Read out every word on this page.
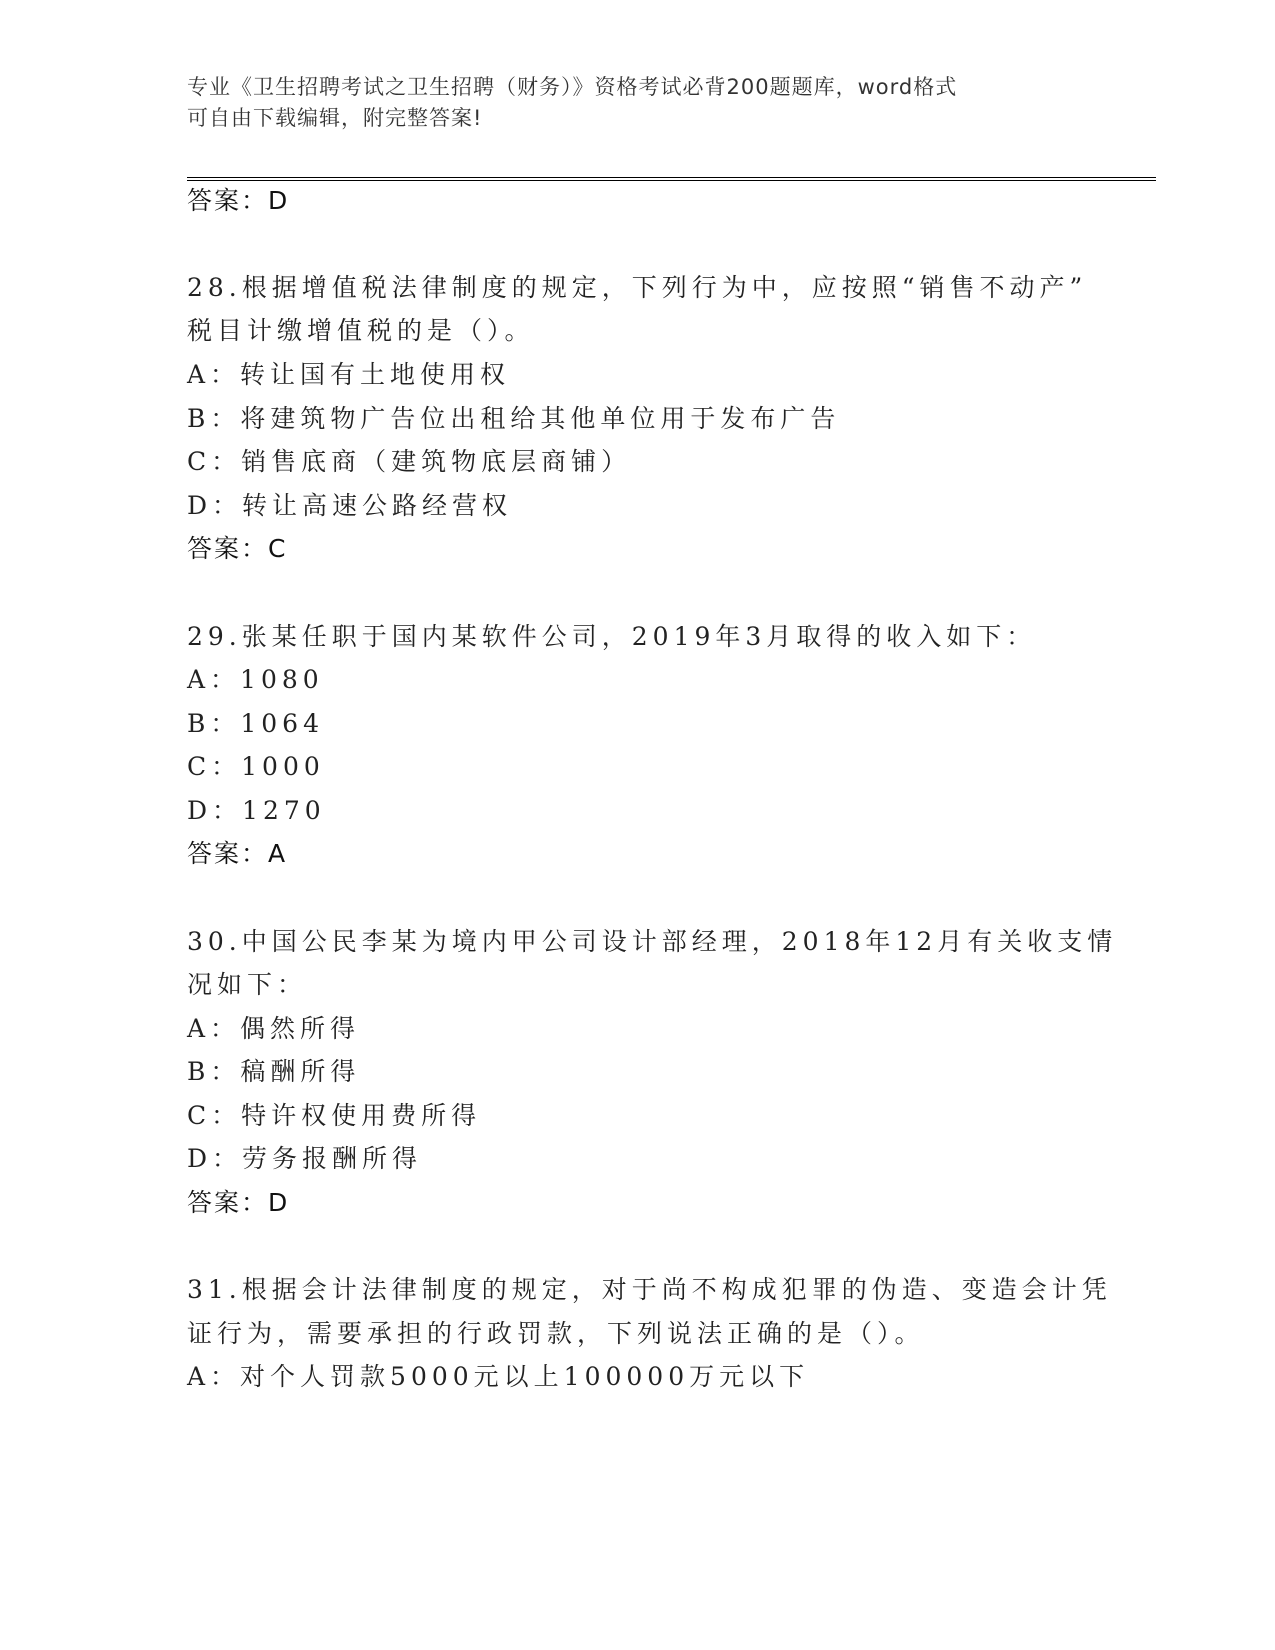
专业《卫生招聘考试之卫生招聘（财务）》资格考试必背200题题库，word格式
可自由下载编辑，附完整答案!
答案：D
28.根据增值税法律制度的规定，下列行为中，应按照“销售不动产”
税目计缴增值税的是（）。
A：转让国有土地使用权
B：将建筑物广告位出租给其他单位用于发布广告
C：销售底商（建筑物底层商铺）
D：转让高速公路经营权
答案：C
29.张某任职于国内某软件公司，2019年3月取得的收入如下：
A：1080
B：1064
C：1000
D：1270
答案：A
30.中国公民李某为境内甲公司设计部经理，2018年12月有关收支情
况如下：
A：偶然所得
B：稿酬所得
C：特许权使用费所得
D：劳务报酬所得
答案：D
31.根据会计法律制度的规定，对于尚不构成犯罪的伪造、变造会计凭
证行为，需要承担的行政罚款，下列说法正确的是（）。
A：对个人罚款5000元以上100000万元以下
